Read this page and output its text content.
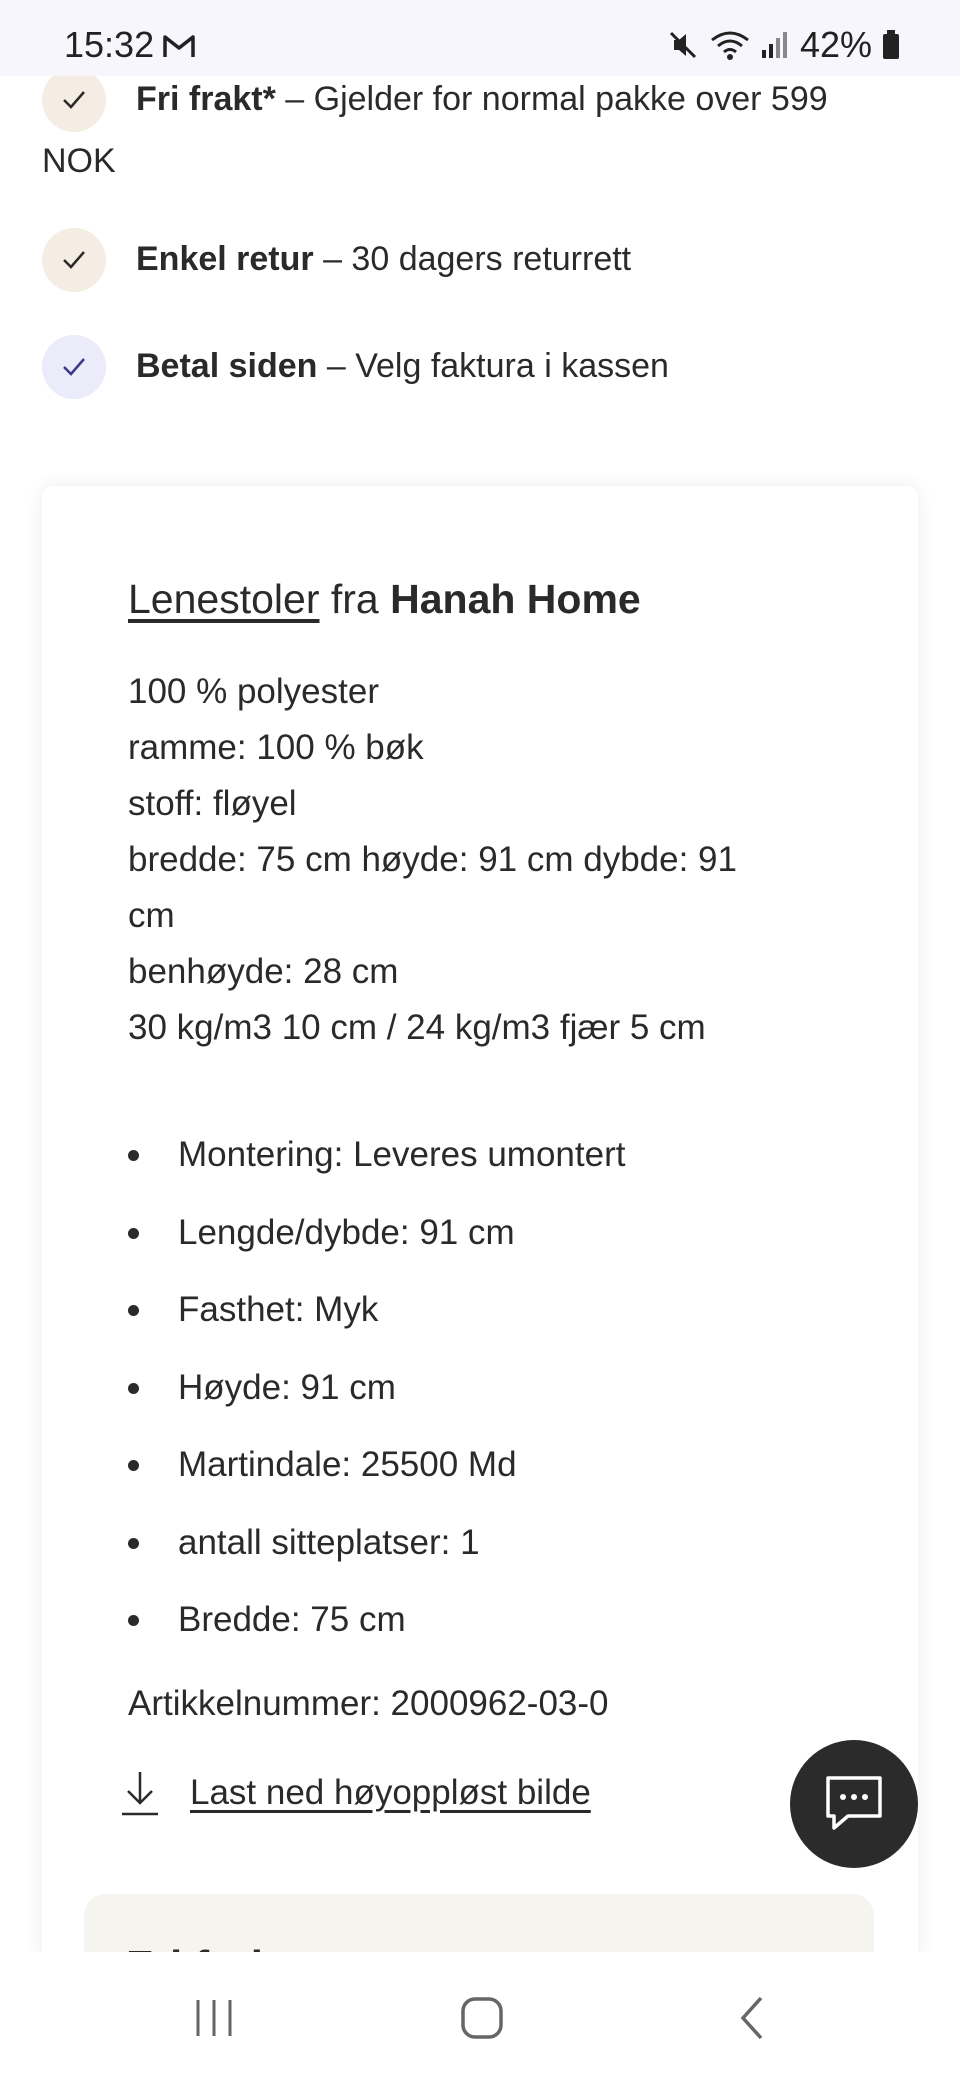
15:32	42%
Fri frakt* – Gjelder for normal pakke over 599
NOK
Enkel retur – 30 dagers returrett
Betal siden – Velg faktura i kassen
Lenestoler fra Hanah Home
100 % polyester
ramme: 100 % bøk
stoff: fløyel
bredde: 75 cm høyde: 91 cm dybde: 91
cm
benhøyde: 28 cm
30 kg/m3 10 cm / 24 kg/m3 fjær 5 cm
Montering: Leveres umontert
Lengde/dybde: 91 cm
Fasthet: Myk
Høyde: 91 cm
Martindale: 25500 Md
antall sitteplatser: 1
Bredde: 75 cm
Artikkelnummer: 2000962-03-0
Last ned høyoppløst bilde
